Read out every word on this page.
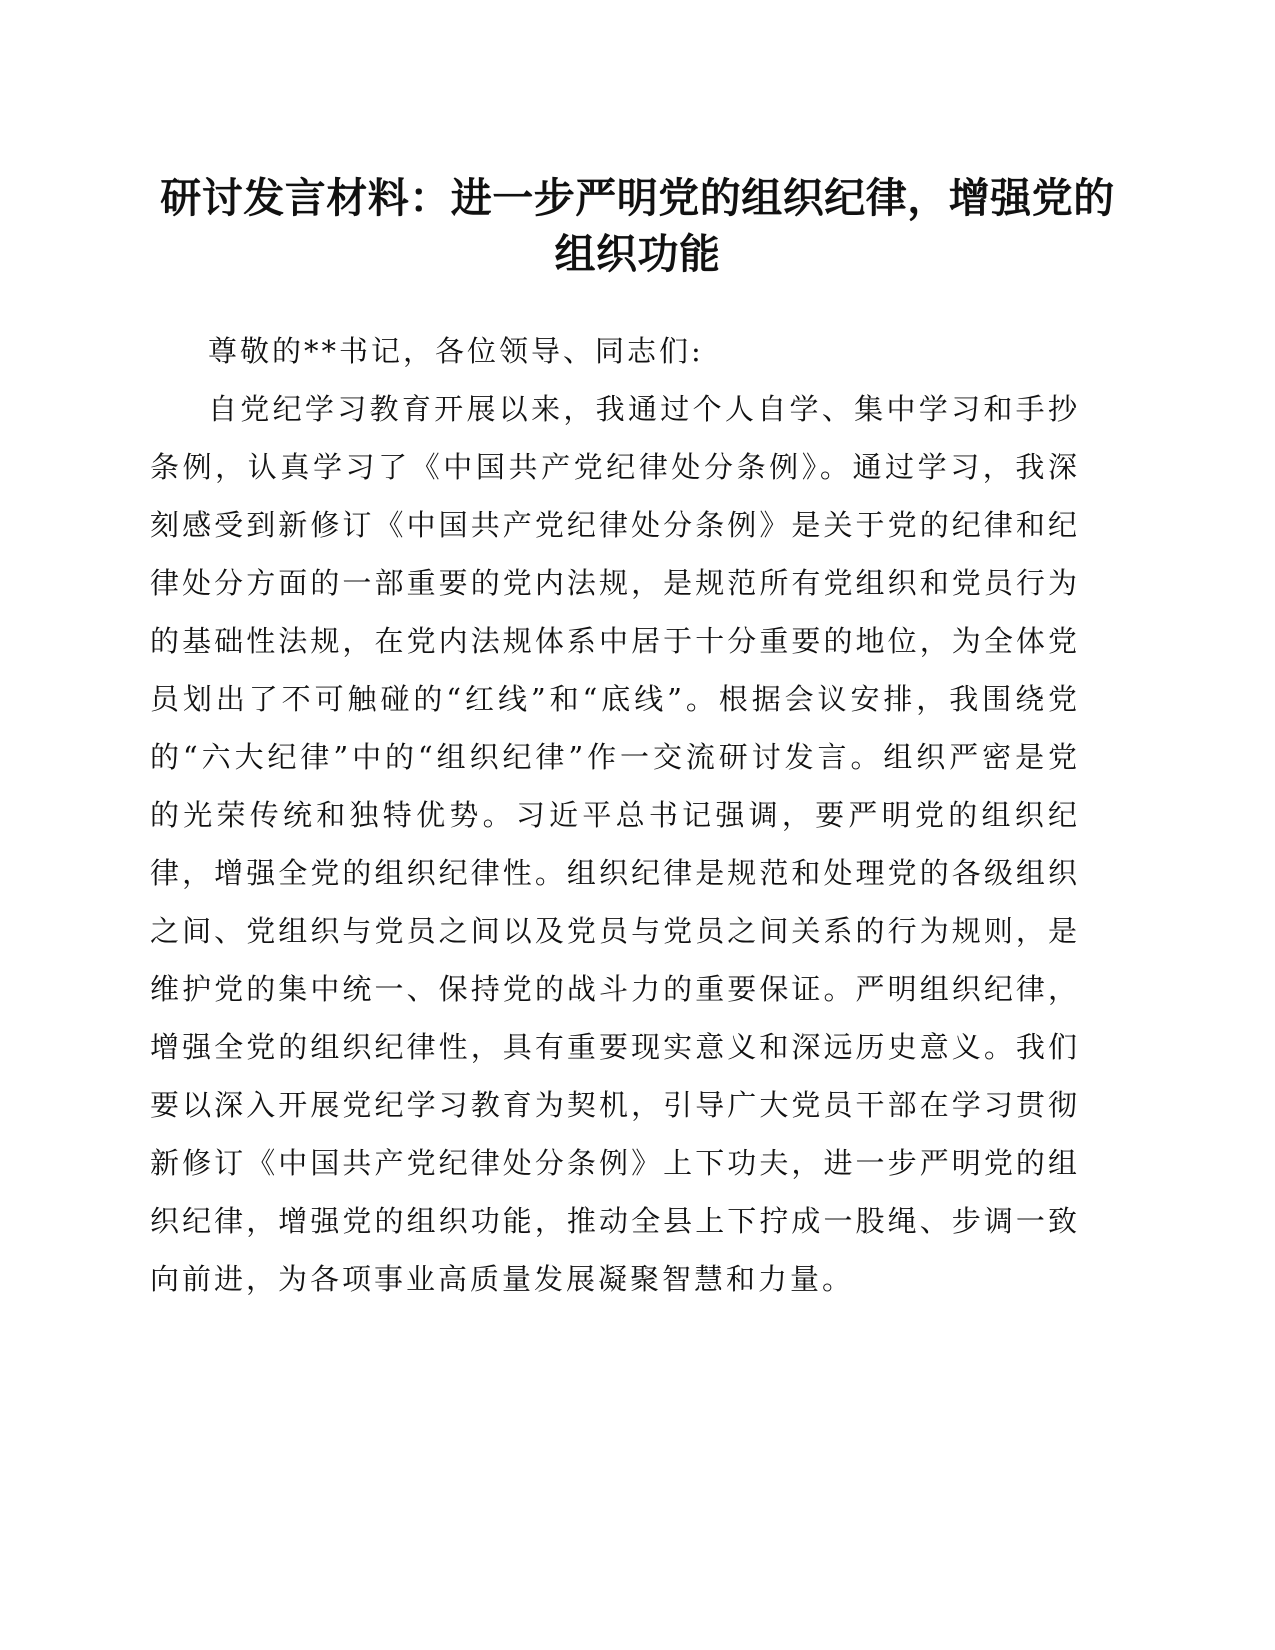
研讨发言材料：进一步严明党的组织纪律，增强党的组织功能

尊敬的**书记，各位领导、同志们:

自党纪学习教育开展以来，我通过个人自学、集中学习和手抄条例，认真学习了《中国共产党纪律处分条例》。通过学习，我深刻感受到新修订《中国共产党纪律处分条例》是关于党的纪律和纪律处分方面的一部重要的党内法规，是规范所有党组织和党员行为的基础性法规，在党内法规体系中居于十分重要的地位，为全体党员划出了不可触碰的“红线”和“底线”。根据会议安排，我围绕党的“六大纪律”中的“组织纪律”作一交流研讨发言。组织严密是党的光荣传统和独特优势。习近平总书记强调，要严明党的组织纪律，增强全党的组织纪律性。组织纪律是规范和处理党的各级组织之间、党组织与党员之间以及党员与党员之间关系的行为规则，是维护党的集中统一、保持党的战斗力的重要保证。严明组织纪律，增强全党的组织纪律性，具有重要现实意义和深远历史意义。我们要以深入开展党纪学习教育为契机，引导广大党员干部在学习贯彻新修订《中国共产党纪律处分条例》上下功夫，进一步严明党的组织纪律，增强党的组织功能，推动全县上下拧成一股绳、步调一致向前进，为各项事业高质量发展凝聚智慧和力量。
